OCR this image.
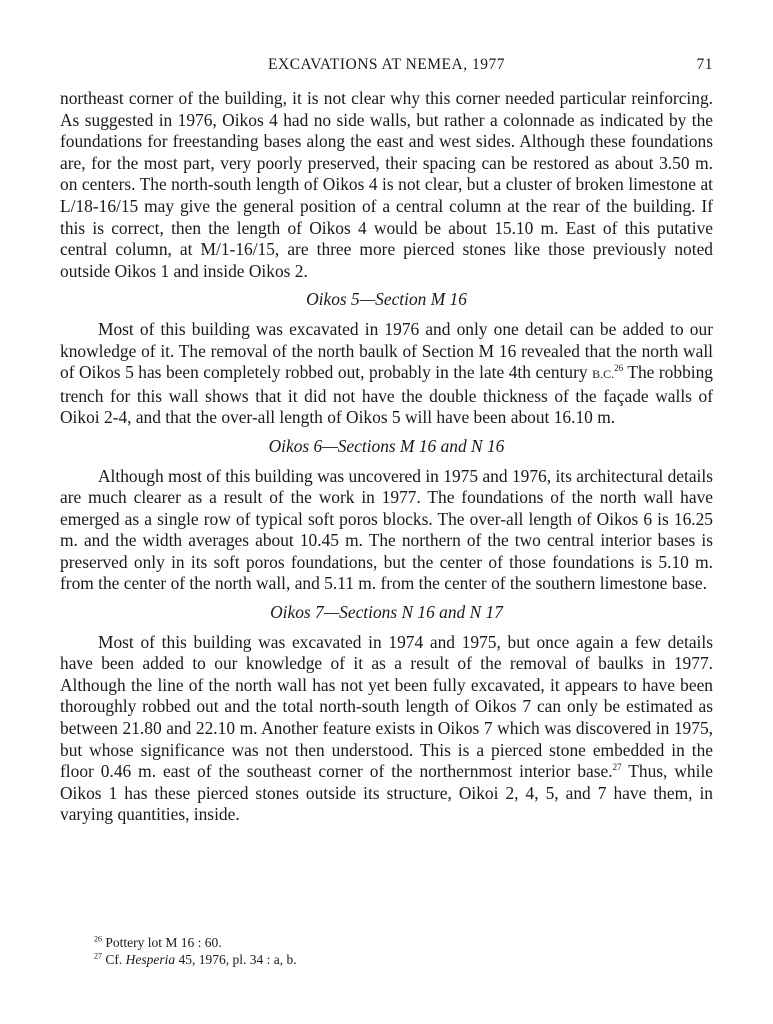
EXCAVATIONS AT NEMEA, 1977	71

northeast corner of the building, it is not clear why this corner needed particular reinforcing. As suggested in 1976, Oikos 4 had no side walls, but rather a colonnade as indicated by the foundations for freestanding bases along the east and west sides. Although these foundations are, for the most part, very poorly preserved, their spacing can be restored as about 3.50 m. on centers. The north-south length of Oikos 4 is not clear, but a cluster of broken limestone at L/18-16/15 may give the general position of a central column at the rear of the building. If this is correct, then the length of Oikos 4 would be about 15.10 m. East of this putative central column, at M/1-16/15, are three more pierced stones like those previously noted outside Oikos 1 and inside Oikos 2.

Oikos 5—Section M 16

Most of this building was excavated in 1976 and only one detail can be added to our knowledge of it. The removal of the north baulk of Section M 16 revealed that the north wall of Oikos 5 has been completely robbed out, probably in the late 4th century B.C.$^{26}$ The robbing trench for this wall shows that it did not have the double thickness of the façade walls of Oikoi 2-4, and that the over-all length of Oikos 5 will have been about 16.10 m.

Oikos 6—Sections M 16 and N 16

Although most of this building was uncovered in 1975 and 1976, its architectural details are much clearer as a result of the work in 1977. The foundations of the north wall have emerged as a single row of typical soft poros blocks. The over-all length of Oikos 6 is 16.25 m. and the width averages about 10.45 m. The northern of the two central interior bases is preserved only in its soft poros foundations, but the center of those foundations is 5.10 m. from the center of the north wall, and 5.11 m. from the center of the southern limestone base.

Oikos 7—Sections N 16 and N 17

Most of this building was excavated in 1974 and 1975, but once again a few details have been added to our knowledge of it as a result of the removal of baulks in 1977. Although the line of the north wall has not yet been fully excavated, it appears to have been thoroughly robbed out and the total north-south length of Oikos 7 can only be estimated as between 21.80 and 22.10 m. Another feature exists in Oikos 7 which was discovered in 1975, but whose significance was not then understood. This is a pierced stone embedded in the floor 0.46 m. east of the southeast corner of the northernmost interior base.$^{27}$ Thus, while Oikos 1 has these pierced stones outside its structure, Oikoi 2, 4, 5, and 7 have them, in varying quantities, inside.

$^{26}$ Pottery lot M 16 : 60.

$^{27}$ Cf. Hesperia 45, 1976, pl. 34 : a, b.
